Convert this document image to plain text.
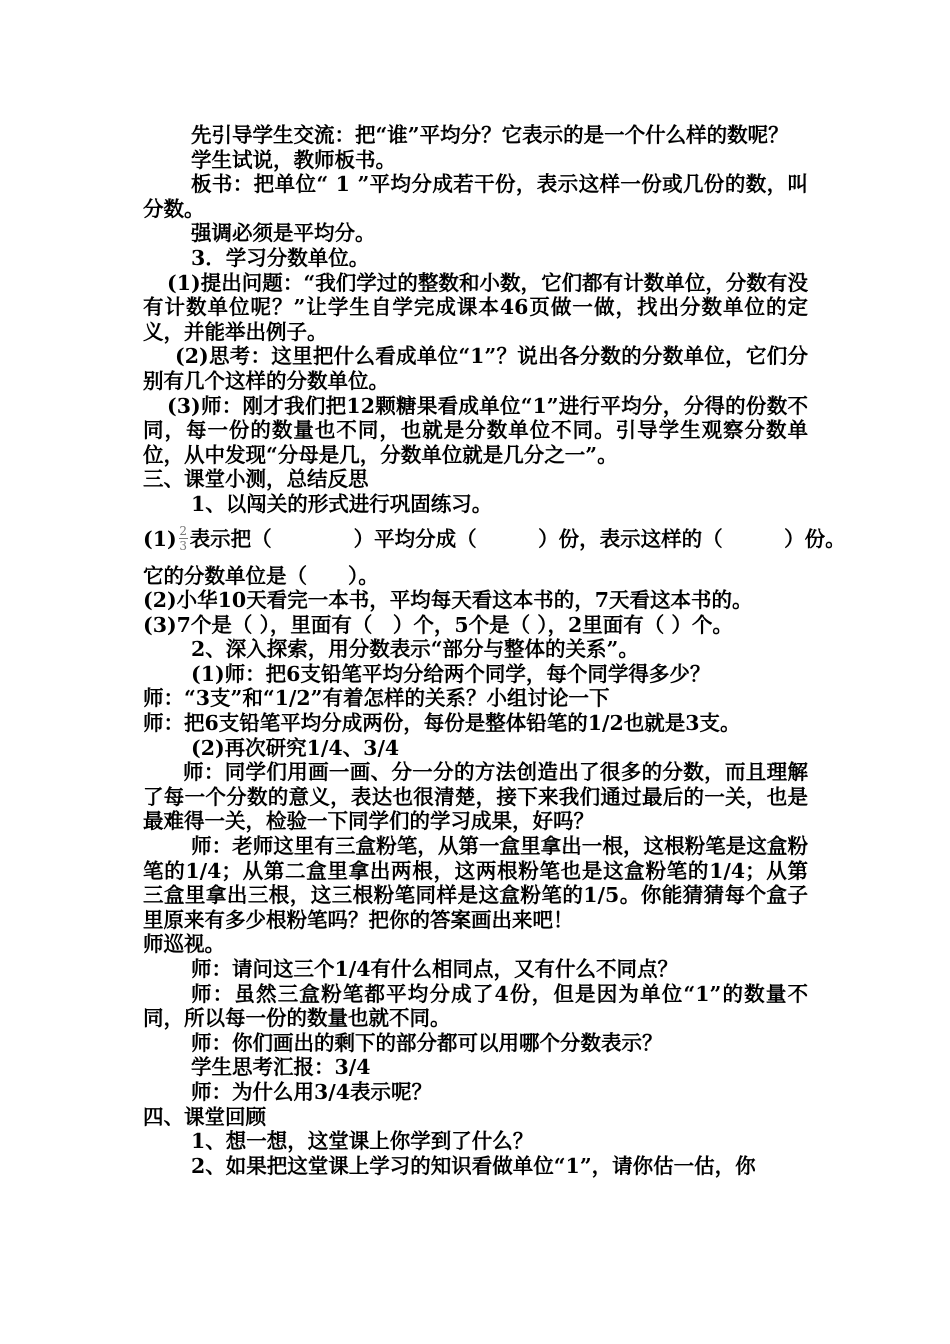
先引导学生交流：把“谁”平均分？它表示的是一个什么样的数呢？

学生试说，教师板书。

板书：把单位“ 1 ”平均分成若干份，表示这样一份或几份的数，叫分数。

强调必须是平均分。

3．学习分数单位。

(1)提出问题：“我们学过的整数和小数，它们都有计数单位，分数有没有计数单位呢？”让学生自学完成课本46页做一做，找出分数单位的定义，并能举出例子。

(2)思考：这里把什么看成单位“1”？说出各分数的分数单位，它们分别有几个这样的分数单位。

(3)师：刚才我们把12颗糖果看成单位“1”进行平均分，分得的份数不同，每一份的数量也不同，也就是分数单位不同。引导学生观察分数单位，从中发现“分母是几，分数单位就是几分之一”。

三、课堂小测，总结反思

1、以闯关的形式进行巩固练习。

$(1) \frac{2}{3}$ 表示把（　　　　）平均分成（　　　）份，表示这样的（　　　）份。

它的分数单位是（　　）。

(2)小华10天看完一本书，平均每天看这本书的，7天看这本书的。

(3)7个是（ ），里面有（　）个，5个是（ ），2里面有（ ）个。

2、深入探索，用分数表示“部分与整体的关系”。

(1)师：把6支铅笔平均分给两个同学，每个同学得多少？

师：“3支”和“1/2”有着怎样的关系？小组讨论一下

师：把6支铅笔平均分成两份，每份是整体铅笔的1/2也就是3支。

(2)再次研究1/4、3/4

师：同学们用画一画、分一分的方法创造出了很多的分数，而且理解了每一个分数的意义，表达也很清楚，接下来我们通过最后的一关，也是最难得一关，检验一下同学们的学习成果，好吗？

师：老师这里有三盒粉笔，从第一盒里拿出一根，这根粉笔是这盒粉笔的1/4；从第二盒里拿出两根，这两根粉笔也是这盒粉笔的1/4；从第三盒里拿出三根，这三根粉笔同样是这盒粉笔的1/5。你能猜猜每个盒子里原来有多少根粉笔吗？把你的答案画出来吧！

师巡视。

师：请问这三个1/4有什么相同点，又有什么不同点？

师：虽然三盒粉笔都平均分成了4份，但是因为单位“1”的数量不同，所以每一份的数量也就不同。

师：你们画出的剩下的部分都可以用哪个分数表示？

学生思考汇报：3/4

师：为什么用3/4表示呢？

四、课堂回顾

1、想一想，这堂课上你学到了什么？

2、如果把这堂课上学习的知识看做单位“1”，请你估一估，你
